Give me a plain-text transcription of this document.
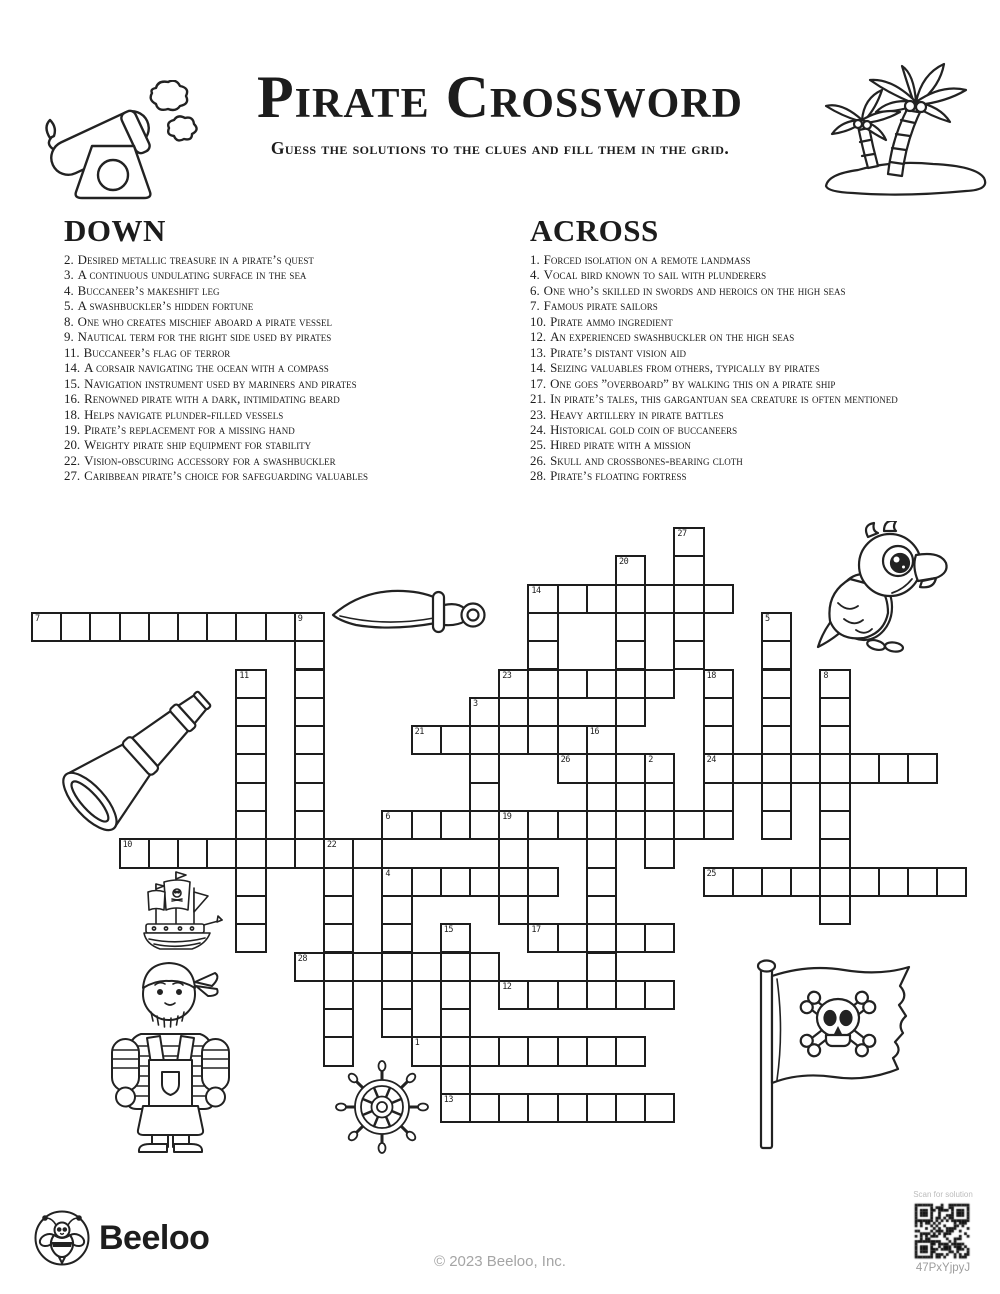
Pirate Crossword
Guess the solutions to the clues and fill them in the grid.
DOWN
2. Desired metallic treasure in a pirate’s quest
3. A continuous undulating surface in the sea
4. Buccaneer’s makeshift leg
5. A swashbuckler’s hidden fortune
8. One who creates mischief aboard a pirate vessel
9. Nautical term for the right side used by pirates
11. Buccaneer’s flag of terror
14. A corsair navigating the ocean with a compass
15. Navigation instrument used by mariners and pirates
16. Renowned pirate with a dark, intimidating beard
18. Helps navigate plunder-filled vessels
19. Pirate’s replacement for a missing hand
20. Weighty pirate ship equipment for stability
22. Vision-obscuring accessory for a swashbuckler
27. Caribbean pirate’s choice for safeguarding valuables
ACROSS
1. Forced isolation on a remote landmass
4. Vocal bird known to sail with plunderers
6. One who’s skilled in swords and heroics on the high seas
7. Famous pirate sailors
10. Pirate ammo ingredient
12. An experienced swashbuckler on the high seas
13. Pirate’s distant vision aid
14. Seizing valuables from others, typically by pirates
17. One goes ”overboard” by walking this on a pirate ship
21. In pirate’s tales, this gargantuan sea creature is often mentioned
23. Heavy artillery in pirate battles
24. Historical gold coin of buccaneers
25. Hired pirate with a mission
26. Skull and crossbones-bearing cloth
28. Pirate’s floating fortress
14
7	9
23
21
26	2	24
6	19
10	22
4	25
17
28
12
1
13
27
20
5
11	18	8
3
16
15
Beeloo
© 2023 Beeloo, Inc.
Scan for solution
47PxYjpyJ
